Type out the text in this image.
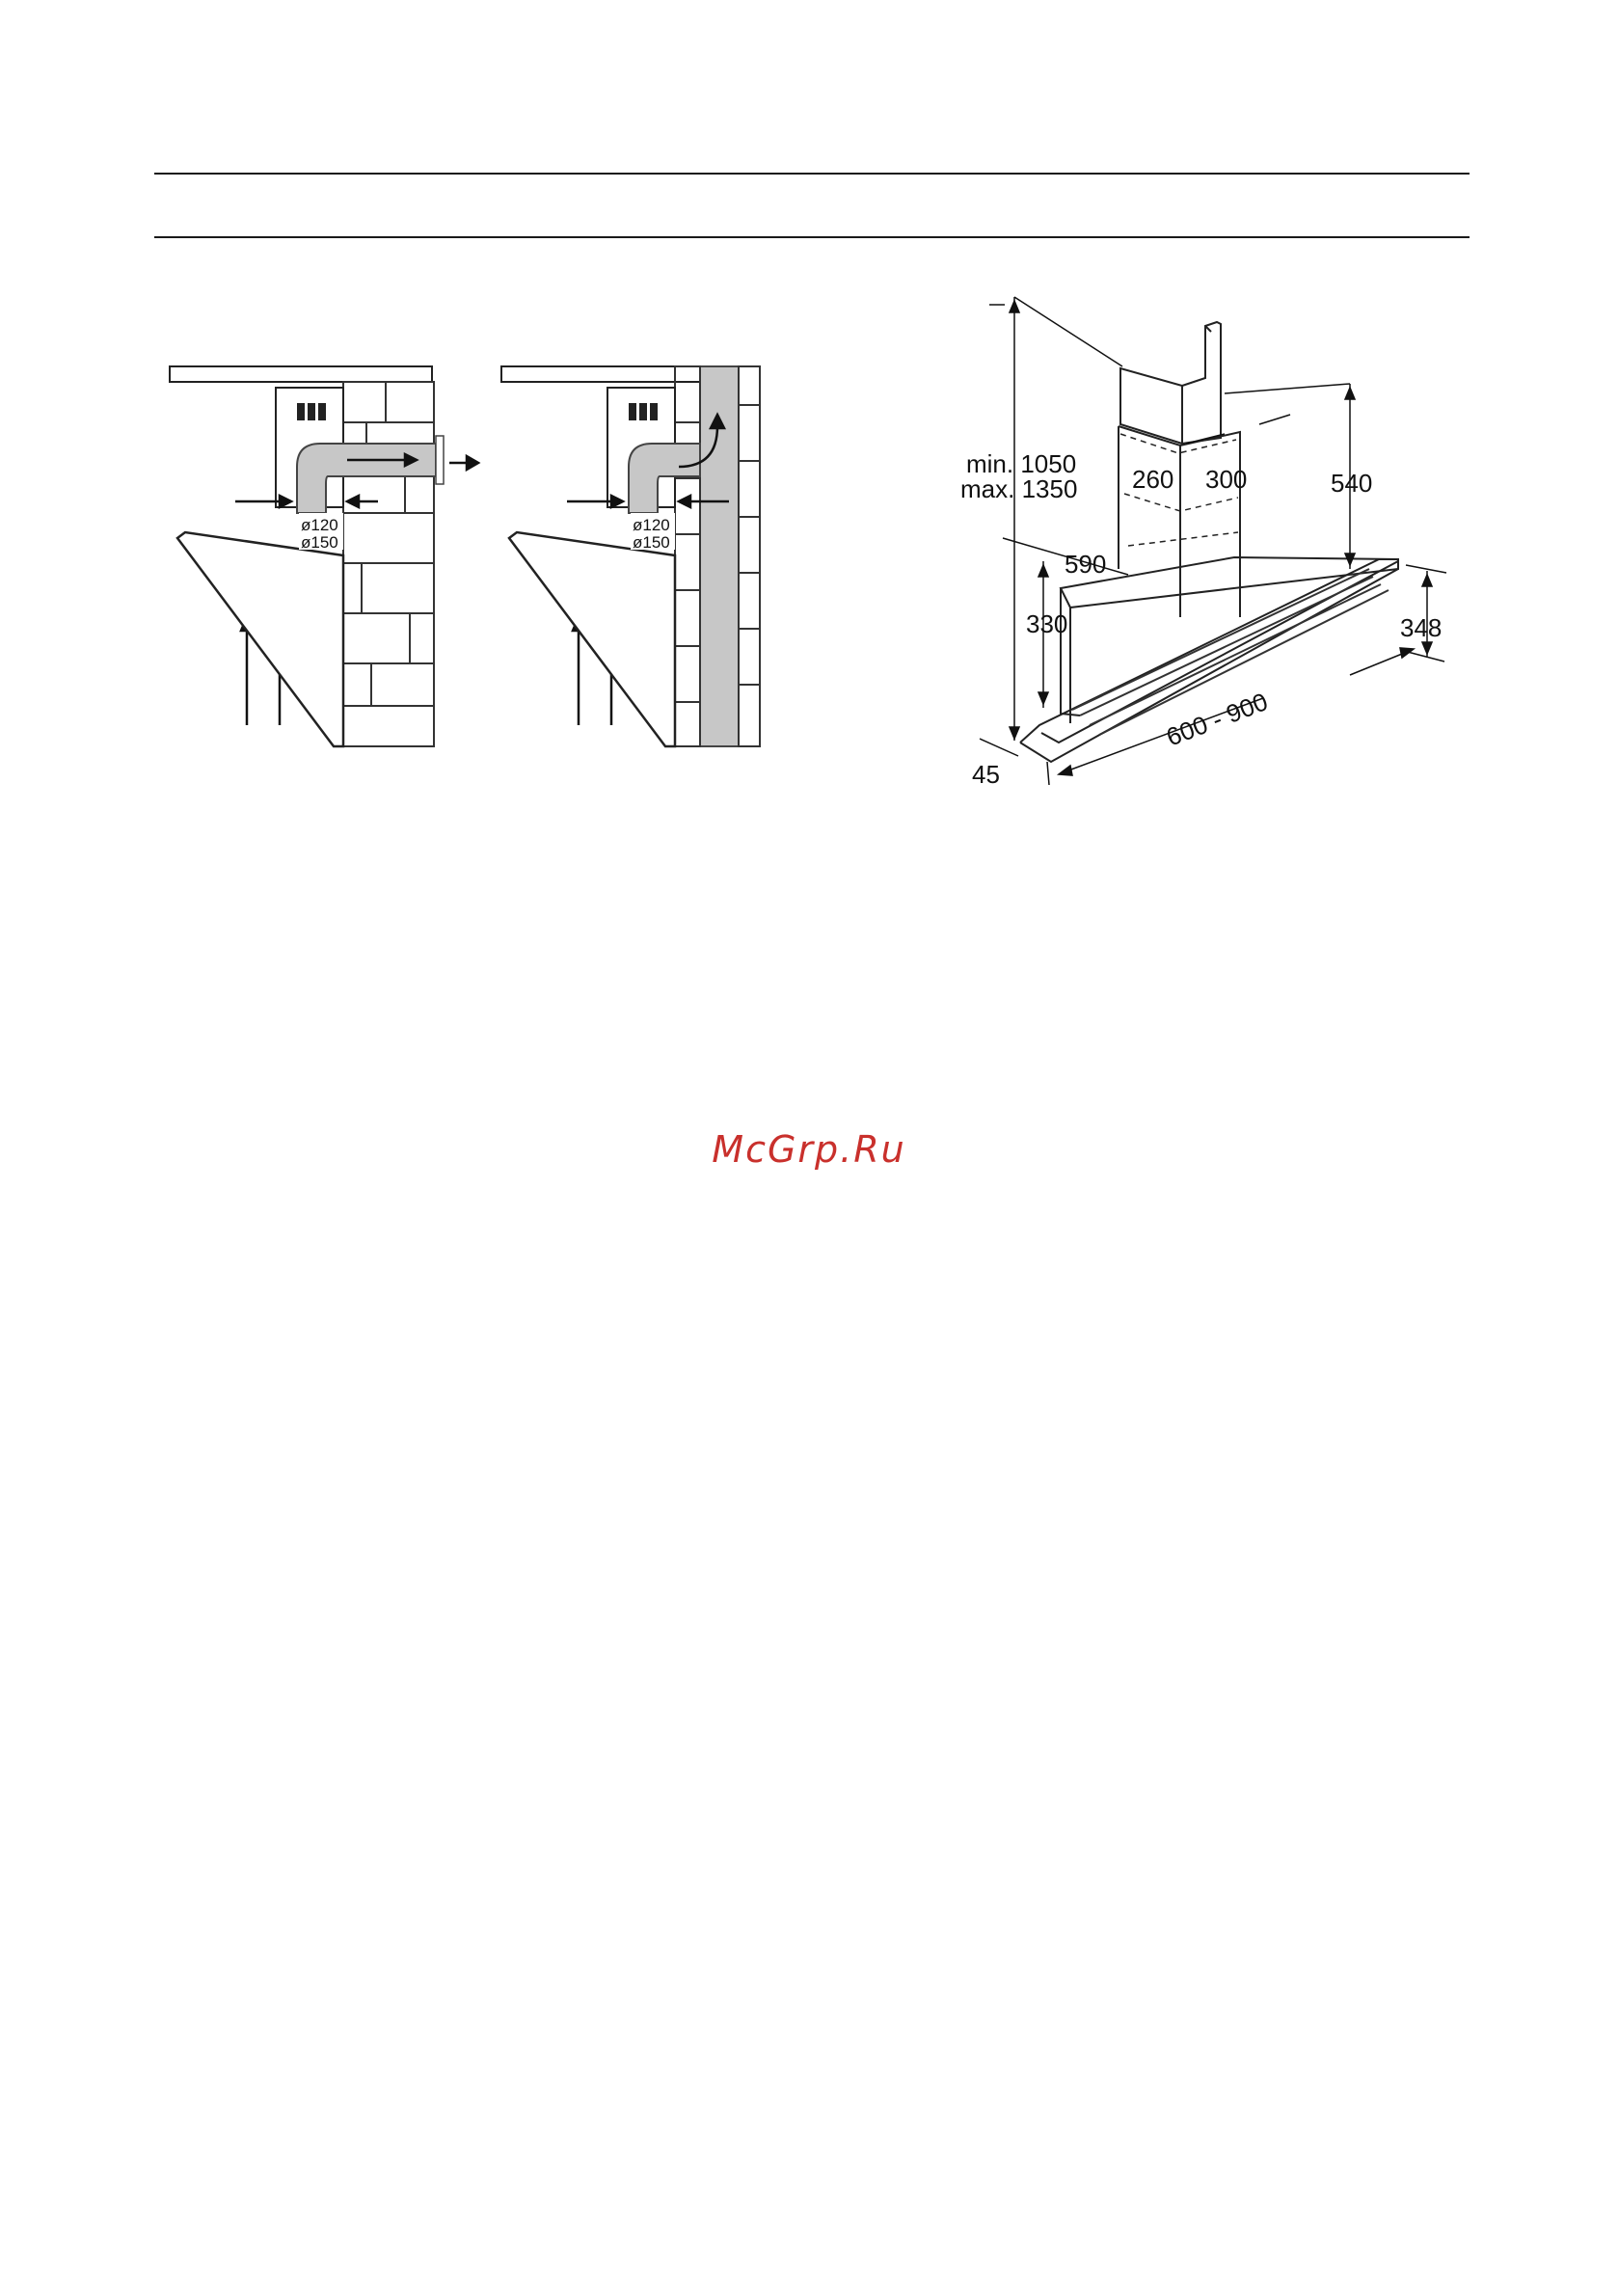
ø120
ø150
ø120
ø150
min. 1050
max. 1350 260 300	540
590
330	348
600 - 900
45
McGrp.Ru
